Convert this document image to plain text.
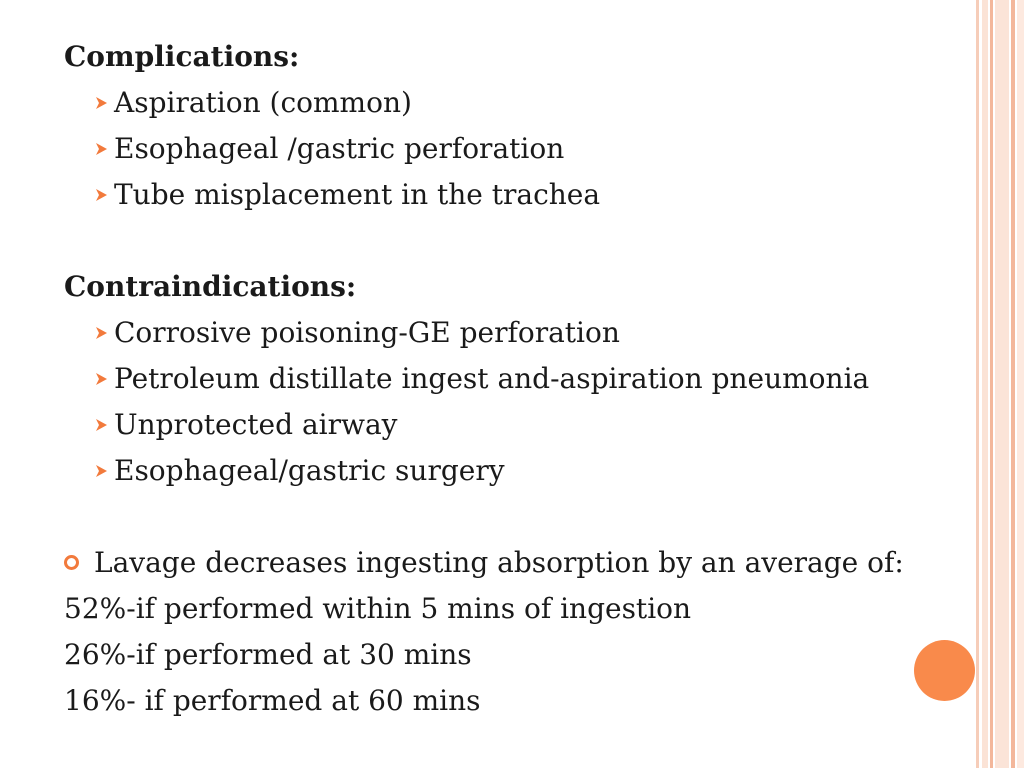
Complications:
Aspiration (common)
Esophageal /gastric perforation
Tube misplacement in the trachea
Contraindications:
Corrosive poisoning-GE perforation
Petroleum distillate ingest and-aspiration pneumonia
Unprotected airway
Esophageal/gastric surgery
Lavage decreases ingesting absorption by an average of:
52%-if performed within 5 mins of ingestion
26%-if performed at 30 mins
16%- if performed at 60 mins
